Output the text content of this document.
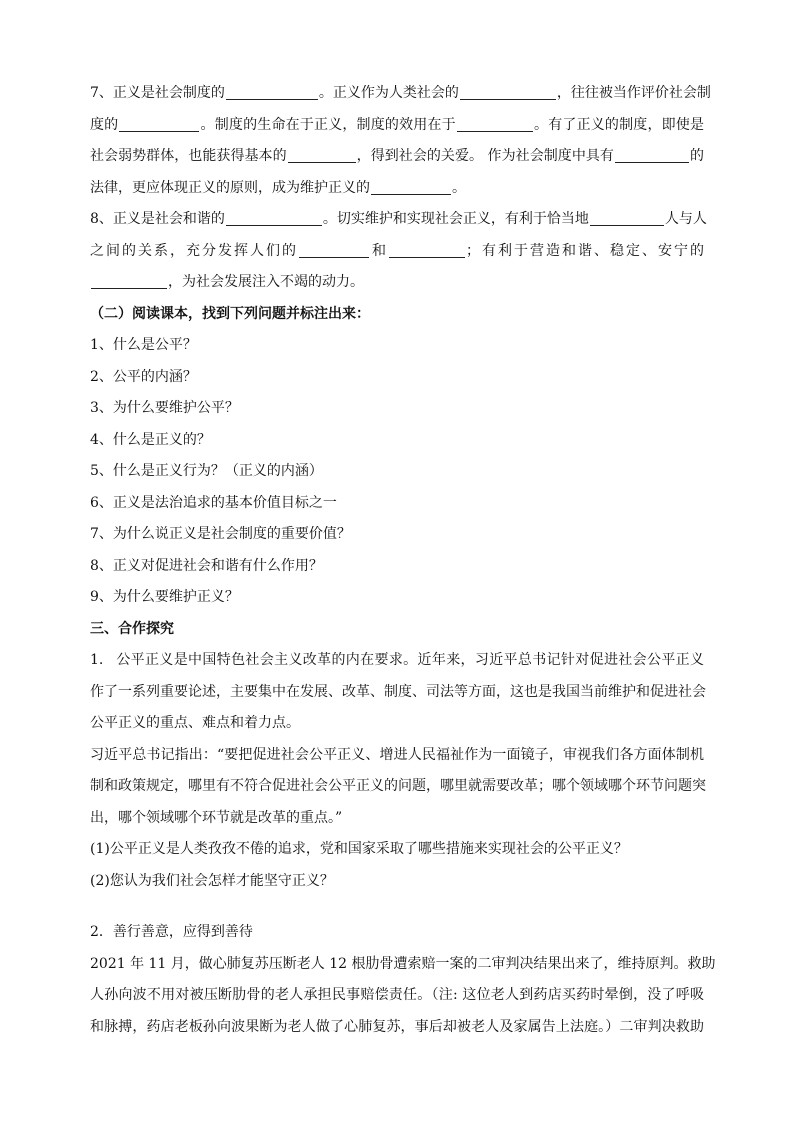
7、正义是社会制度的	。正义作为人类社会的	，往往被当作评价社会制
度的	。制度的生命在于正义，制度的效用在于	。有了正义的制度，即使是
社会弱势群体，也能获得基本的	，得到社会的关爱。 作为社会制度中具有	的
法律，更应体现正义的原则，成为维护正义的	。
8、正义是社会和谐的	。切实维护和实现社会正义，有利于恰当地	人与人
之间的关系，充分发挥人们的	和	；有利于营造和谐、稳定、安宁的
，为社会发展注入不竭的动力。
（二）阅读课本，找到下列问题并标注出来：
1、什么是公平？
2、公平的内涵？
3、为什么要维护公平？
4、什么是正义的？
5、什么是正义行为？（正义的内涵）
6、正义是法治追求的基本价值目标之一
7、为什么说正义是社会制度的重要价值？
8、正义对促进社会和谐有什么作用？
9、为什么要维护正义？
三、合作探究
1. 公平正义是中国特色社会主义改革的内在要求。近年来，习近平总书记针对促进社会公平正义
作了一系列重要论述，主要集中在发展、改革、制度、司法等方面，这也是我国当前维护和促进社会
公平正义的重点、难点和着力点。
习近平总书记指出：“要把促进社会公平正义、增进人民福祉作为一面镜子，审视我们各方面体制机
制和政策规定，哪里有不符合促进社会公平正义的问题，哪里就需要改革；哪个领域哪个环节问题突
出，哪个领域哪个环节就是改革的重点。”
(1)公平正义是人类孜孜不倦的追求，党和国家采取了哪些措施来实现社会的公平正义？
(2)您认为我们社会怎样才能坚守正义？
2．善行善意，应得到善待
2021 年 11 月，做心肺复苏压断老人 12 根肋骨遭索赔一案的二审判决结果出来了，维持原判。救助
人孙向波不用对被压断肋骨的老人承担民事赔偿责任。（注: 这位老人到药店买药时晕倒，没了呼吸
和脉搏，药店老板孙向波果断为老人做了心肺复苏，事后却被老人及家属告上法庭。）二审判决救助
